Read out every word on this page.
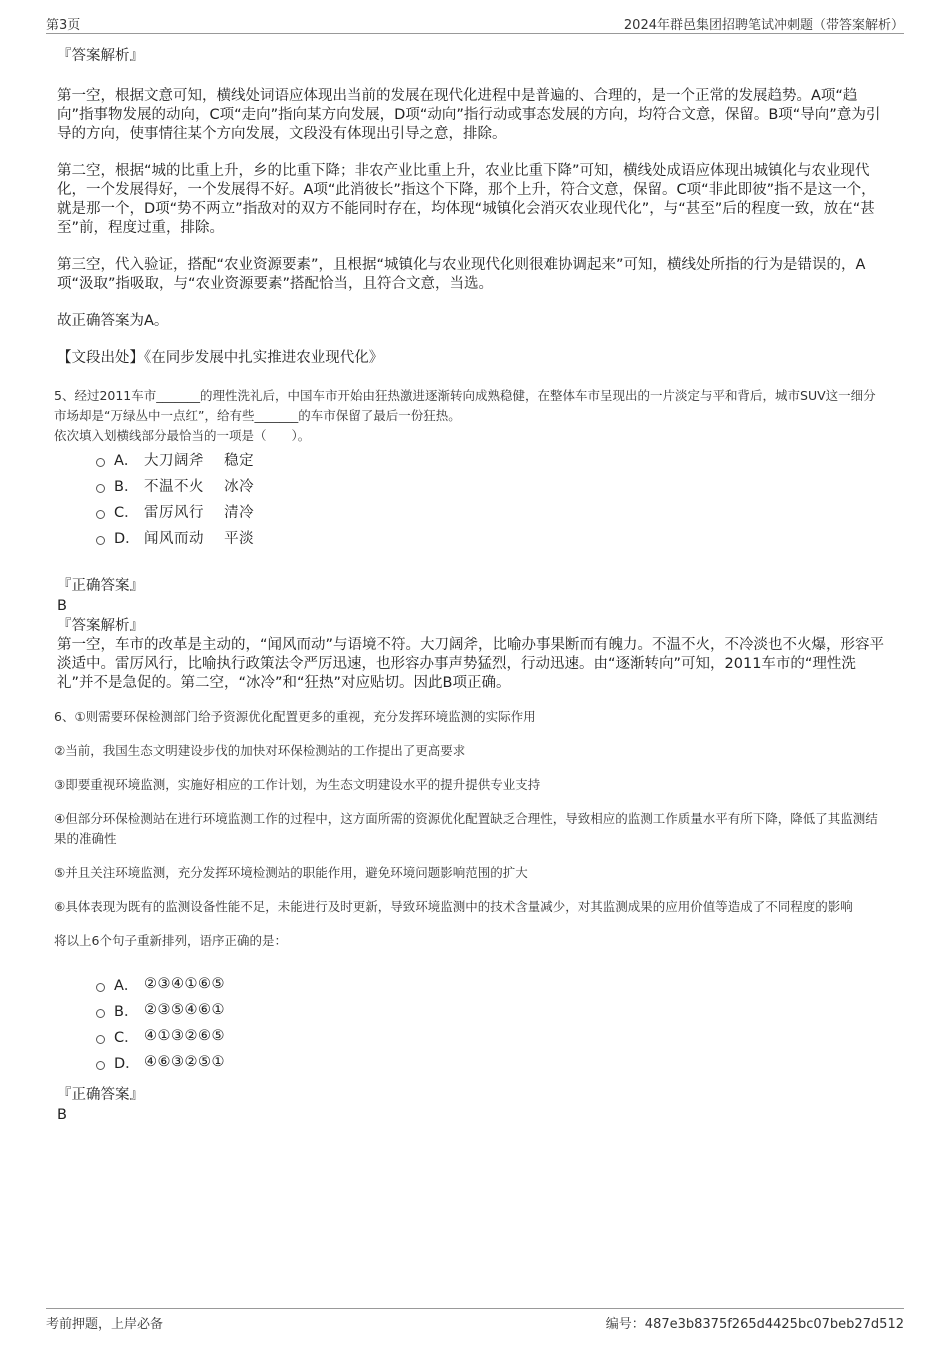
第3页	2024年群邑集团招聘笔试冲刺题（带答案解析）

『答案解析』

第一空，根据文意可知，横线处词语应体现出当前的发展在现代化进程中是普遍的、合理的，是一个正常的发展趋势。A项“趋向”指事物发展的动向，C项“走向”指向某方向发展，D项“动向”指行动或事态发展的方向，均符合文意，保留。B项“导向”意为引导的方向，使事情往某个方向发展，文段没有体现出引导之意，排除。

第二空，根据“城的比重上升，乡的比重下降；非农产业比重上升，农业比重下降”可知，横线处成语应体现出城镇化与农业现代化，一个发展得好，一个发展得不好。A项“此消彼长”指这个下降，那个上升，符合文意，保留。C项“非此即彼”指不是这一个，就是那一个，D项“势不两立”指敌对的双方不能同时存在，均体现“城镇化会消灭农业现代化”，与“甚至”后的程度一致，放在“甚至”前，程度过重，排除。

第三空，代入验证，搭配“农业资源要素”，且根据“城镇化与农业现代化则很难协调起来”可知，横线处所指的行为是错误的，A项“汲取”指吸取，与“农业资源要素”搭配恰当，且符合文意，当选。

故正确答案为A。

【文段出处】《在同步发展中扎实推进农业现代化》

5、经过2011车市_______的理性洗礼后，中国车市开始由狂热激进逐渐转向成熟稳健，在整体车市呈现出的一片淡定与平和背后，城市SUV这一细分市场却是“万绿丛中一点红”，给有些_______的车市保留了最后一份狂热。

依次填入划横线部分最恰当的一项是（　　）。

A． 大刀阔斧　 稳定
B． 不温不火　 冰冷
C． 雷厉风行　 清冷
D． 闻风而动　 平淡

『正确答案』

B

『答案解析』

第一空，车市的改革是主动的，“闻风而动”与语境不符。大刀阔斧，比喻办事果断而有魄力。不温不火，不冷淡也不火爆，形容平淡适中。雷厉风行，比喻执行政策法令严厉迅速，也形容办事声势猛烈，行动迅速。由“逐渐转向”可知，2011车市的“理性洗礼”并不是急促的。第二空，“冰冷”和“狂热”对应贴切。因此B项正确。

6、①则需要环保检测部门给予资源优化配置更多的重视，充分发挥环境监测的实际作用

②当前，我国生态文明建设步伐的加快对环保检测站的工作提出了更高要求

③即要重视环境监测，实施好相应的工作计划，为生态文明建设水平的提升提供专业支持

④但部分环保检测站在进行环境监测工作的过程中，这方面所需的资源优化配置缺乏合理性，导致相应的监测工作质量水平有所下降，降低了其监测结果的准确性

⑤并且关注环境监测，充分发挥环境检测站的职能作用，避免环境问题影响范围的扩大

⑥具体表现为既有的监测设备性能不足，未能进行及时更新，导致环境监测中的技术含量减少，对其监测成果的应用价值等造成了不同程度的影响

将以上6个句子重新排列，语序正确的是：

A． ②③④①⑥⑤
B． ②③⑤④⑥①
C． ④①③②⑥⑤
D． ④⑥③②⑤①

『正确答案』

B

考前押题，上岸必备	编号：487e3b8375f265d4425bc07beb27d512
